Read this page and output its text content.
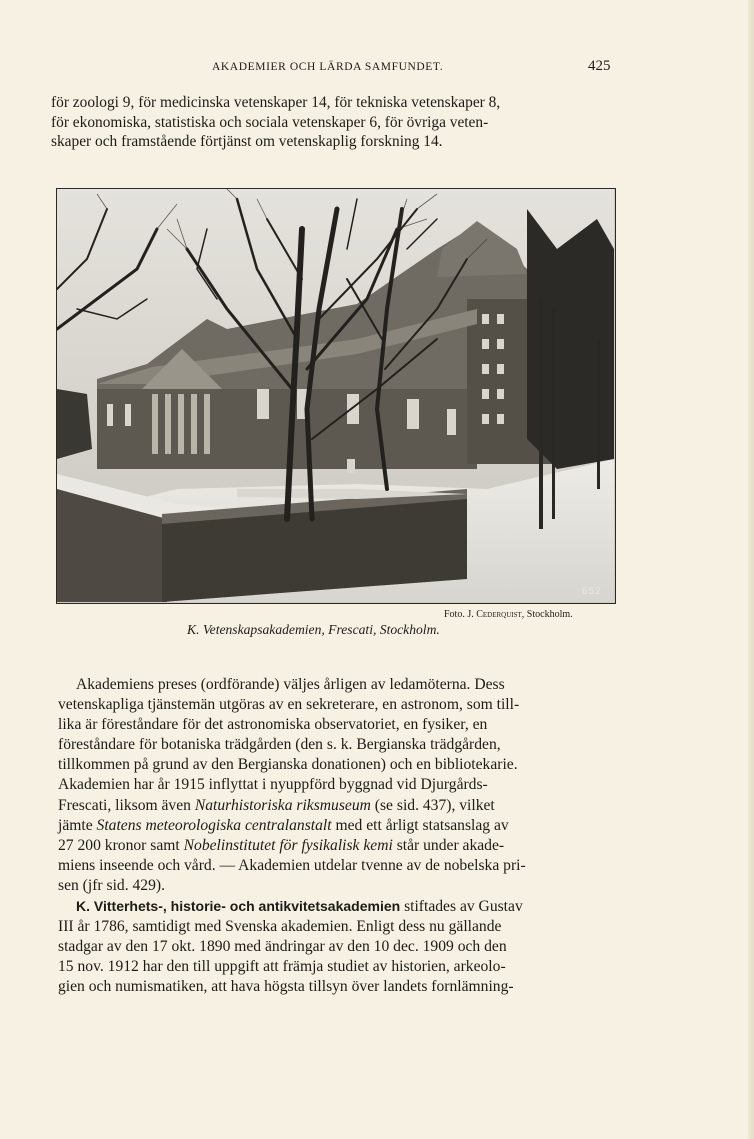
AKADEMIER OCH LÄRDA SAMFUNDET.	425

för zoologi 9, för medicinska vetenskaper 14, för tekniska vetenskaper 8,
för ekonomiska, statistiska och sociala vetenskaper 6, för övriga veten-
skaper och framstående förtjänst om vetenskaplig forskning 14.

652
Foto. J. Cederquist, Stockholm.
K. Vetenskapsakademien, Frescati, Stockholm.
Akademiens preses (ordförande) väljes årligen av ledamöterna. Dess
vetenskapliga tjänstemän utgöras av en sekreterare, en astronom, som till-
lika är föreståndare för det astronomiska observatoriet, en fysiker, en
föreståndare för botaniska trädgården (den s. k. Bergianska trädgården,
tillkommen på grund av den Bergianska donationen) och en bibliotekarie.
Akademien har år 1915 inflyttat i nyuppförd byggnad vid Djurgårds-
Frescati, liksom även Naturhistoriska riksmuseum (se sid. 437), vilket
jämte Statens meteorologiska centralanstalt med ett årligt statsanslag av
27 200 kronor samt Nobelinstitutet för fysikalisk kemi står under akade-
miens inseende och vård. — Akademien utdelar tvenne av de nobelska pri-
sen (jfr sid. 429).
K. Vitterhets-, historie- och antikvitetsakademien stiftades av Gustav
III år 1786, samtidigt med Svenska akademien. Enligt dess nu gällande
stadgar av den 17 okt. 1890 med ändringar av den 10 dec. 1909 och den
15 nov. 1912 har den till uppgift att främja studiet av historien, arkeolo-
gien och numismatiken, att hava högsta tillsyn över landets fornlämning-
